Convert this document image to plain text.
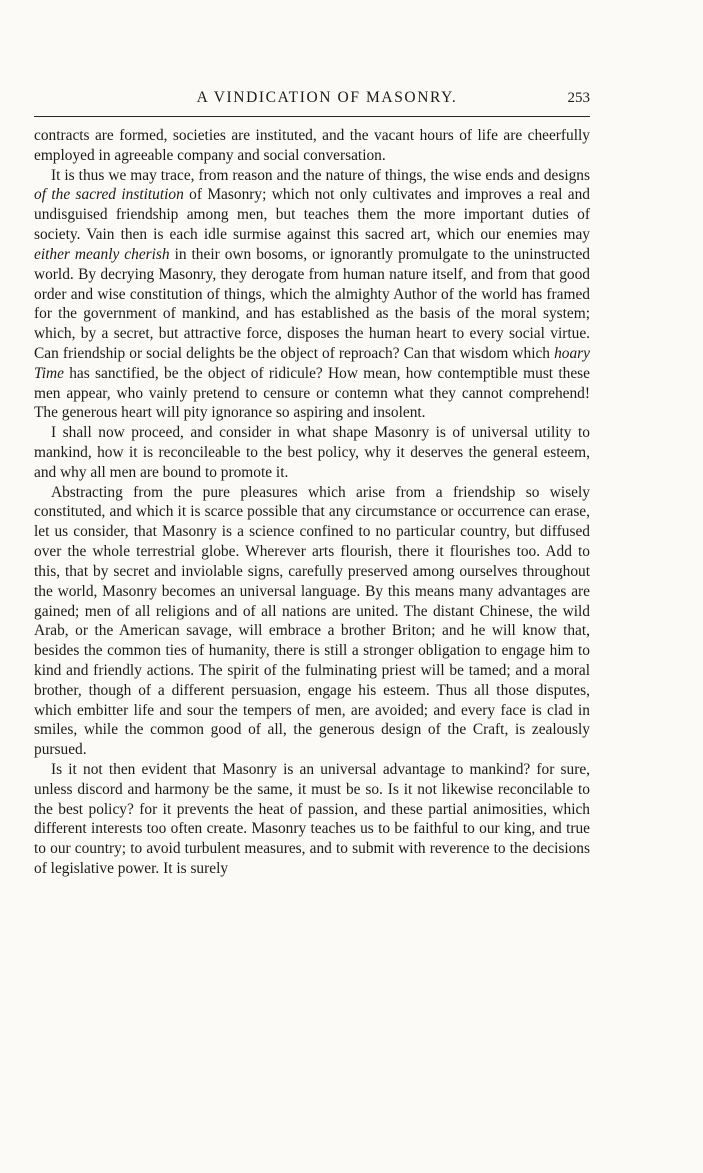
A VINDICATION OF MASONRY.	253

contracts are formed, societies are instituted, and the vacant hours of life are cheerfully employed in agreeable company and social conversation.

It is thus we may trace, from reason and the nature of things, the wise ends and designs of the sacred institution of Masonry; which not only cultivates and improves a real and undisguised friendship among men, but teaches them the more important duties of society. Vain then is each idle surmise against this sacred art, which our enemies may either meanly cherish in their own bosoms, or ignorantly promulgate to the uninstructed world. By decrying Masonry, they derogate from human nature itself, and from that good order and wise constitution of things, which the almighty Author of the world has framed for the government of mankind, and has established as the basis of the moral system; which, by a secret, but attractive force, disposes the human heart to every social virtue. Can friendship or social delights be the object of reproach? Can that wisdom which hoary Time has sanctified, be the object of ridicule? How mean, how contemptible must these men appear, who vainly pretend to censure or contemn what they cannot comprehend! The generous heart will pity ignorance so aspiring and insolent.

I shall now proceed, and consider in what shape Masonry is of universal utility to mankind, how it is reconcileable to the best policy, why it deserves the general esteem, and why all men are bound to promote it.

Abstracting from the pure pleasures which arise from a friendship so wisely constituted, and which it is scarce possible that any circumstance or occurrence can erase, let us consider, that Masonry is a science confined to no particular country, but diffused over the whole terrestrial globe. Wherever arts flourish, there it flourishes too. Add to this, that by secret and inviolable signs, carefully preserved among ourselves throughout the world, Masonry becomes an universal language. By this means many advantages are gained; men of all religions and of all nations are united. The distant Chinese, the wild Arab, or the American savage, will embrace a brother Briton; and he will know that, besides the common ties of humanity, there is still a stronger obligation to engage him to kind and friendly actions. The spirit of the fulminating priest will be tamed; and a moral brother, though of a different persuasion, engage his esteem. Thus all those disputes, which embitter life and sour the tempers of men, are avoided; and every face is clad in smiles, while the common good of all, the generous design of the Craft, is zealously pursued.

Is it not then evident that Masonry is an universal advantage to mankind? for sure, unless discord and harmony be the same, it must be so. Is it not likewise reconcilable to the best policy? for it prevents the heat of passion, and these partial animosities, which different interests too often create. Masonry teaches us to be faithful to our king, and true to our country; to avoid turbulent measures, and to submit with reverence to the decisions of legislative power. It is surely
